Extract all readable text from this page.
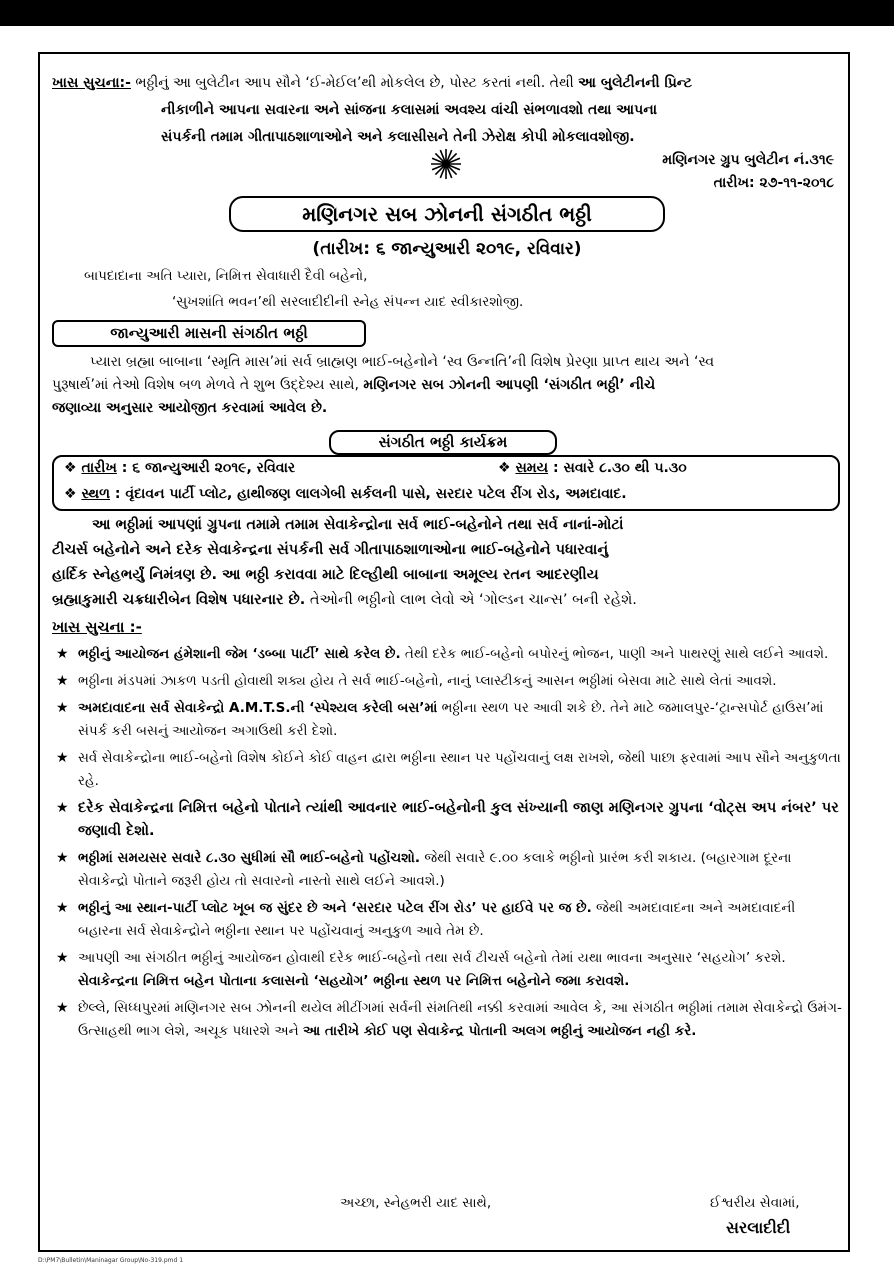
ખાસ સુચના:- ભઠ્ઠીનું આ બુલેટીન આપ સૌને ‘ઈ-મેઈલ’થી મોકલેલ છે, પોસ્ટ કરતાં નથી. તેથી આ બુલેટીનની પ્રિન્ટ
નીકાળીને આપના સવારના અને સાંજના કલાસમાં અવશ્ય વાંચી સંભળાવશો તથા આપના
સંપર્કની તમામ ગીતાપાઠશાળાઓને અને કલાસીસને તેની ઝેરોક્ષ કોપી મોકલાવશોજી.
મણિનગર ગ્રુપ બુલેટીન નં.૩૧૯
તારીખ: ૨૭-૧૧-૨૦૧૮
મણિનગર સબ ઝોનની સંગઠીત ભઠ્ઠી
(તારીખ: ૬ જાન્યુઆરી ૨૦૧૯, રવિવાર)
બાપદાદાના અતિ પ્યારા, નિમિત્ત સેવાધારી દૈવી બહેનો,
‘સુખશાંતિ ભવન’થી સરલાદીદીની સ્નેહ સંપન્ન યાદ સ્વીકારશોજી.
જાન્યુઆરી માસની સંગઠીત ભઠ્ઠી
પ્યારા બ્રહ્મા બાબાના ‘સ્મૃતિ માસ’માં સર્વ બ્રાહ્મણ ભાઈ-બહેનોને ‘સ્વ ઉન્નતિ’ની વિશેષ પ્રેરણા પ્રાપ્ત થાય અને ‘સ્વ
પુરૂષાર્થ’માં તેઓ વિશેષ બળ મેળવે તે શુભ ઉદ્દેશ્ય સાથે, મણિનગર સબ ઝોનની આપણી ‘સંગઠીત ભઠ્ઠી’ નીચે
જણાવ્યા અનુસાર આયોજીત કરવામાં આવેલ છે.
સંગઠીત ભઠ્ઠી કાર્યક્રમ
❖ તારીખ : ૬ જાન્યુઆરી ૨૦૧૯, રવિવાર	❖ સમય : સવારે ૮.૩૦ થી ૫.૩૦
❖ સ્થળ : વૃંદાવન પાર્ટી પ્લોટ, હાથીજણ લાલગેબી સર્કલની પાસે, સરદાર પટેલ રીંગ રોડ, અમદાવાદ.
આ ભઠ્ઠીમાં આપણાં ગ્રુપના તમામે તમામ સેવાકેન્દ્રોના સર્વ ભાઈ-બહેનોને તથા સર્વ નાનાં-મોટાં
ટીચર્સ બહેનોને અને દરેક સેવાકેન્દ્રના સંપર્કની સર્વ ગીતાપાઠશાળાઓના ભાઈ-બહેનોને પધારવાનું
હાર્દિક સ્નેહભર્યું નિમંત્રણ છે. આ ભઠ્ઠી કરાવવા માટે દિલ્હીથી બાબાના અમૂલ્ય રતન આદરણીય
બ્રહ્માકુમારી ચક્રધારીબેન વિશેષ પધારનાર છે. તેઓની ભઠ્ઠીનો લાભ લેવો એ ‘ગોલ્ડન ચાન્સ’ બની રહેશે.
ખાસ સુચના :-
★ ભઠ્ઠીનું આયોજન હંમેશાની જેમ ‘ડબ્બા પાર્ટી’ સાથે કરેલ છે. તેથી દરેક ભાઈ-બહેનો બપોરનું ભોજન, પાણી અને પાથરણું સાથે લઈને આવશે.
★ ભઠ્ઠીના મંડપમાં ઝાકળ પડતી હોવાથી શક્ય હોય તે સર્વ ભાઈ-બહેનો, નાનું પ્લાસ્ટીકનું આસન ભઠ્ઠીમાં બેસવા માટે સાથે લેતાં આવશે.
★ અમદાવાદના સર્વ સેવાકેન્દ્રો A.M.T.S.ની ‘સ્પેશ્યલ કરેલી બસ’માં ભઠ્ઠીના સ્થળ પર આવી શકે છે. તેને માટે જમાલપુર-‘ટ્રાન્સપોર્ટ હાઉસ’માં સંપર્ક કરી બસનું આયોજન અગાઉથી કરી દેશો.
★ સર્વ સેવાકેન્દ્રોના ભાઈ-બહેનો વિશેષ કોઈને કોઈ વાહન દ્વારા ભઠ્ઠીના સ્થાન પર પહોંચવાનું લક્ષ રાખશે, જેથી પાછા ફરવામાં આપ સૌને અનુકુળતા રહે.
★ દરેક સેવાકેન્દ્રના નિમિત્ત બહેનો પોતાને ત્યાંથી આવનાર ભાઈ-બહેનોની કુલ સંખ્યાની જાણ મણિનગર ગ્રુપના ‘વોટ્સ અપ નંબર’ પર જણાવી દેશો.
★ ભઠ્ઠીમાં સમયસર સવારે ૮.૩૦ સુધીમાં સૌ ભાઈ-બહેનો પહોંચશો. જેથી સવારે ૯.૦૦ કલાકે ભઠ્ઠીનો પ્રારંભ કરી શકાય. (બહારગામ દૂરના સેવાકેન્દ્રો પોતાને જરૂરી હોય તો સવારનો નાસ્તો સાથે લઈને આવશે.)
★ ભઠ્ઠીનું આ સ્થાન-પાર્ટી પ્લોટ ખૂબ જ સુંદર છે અને ‘સરદાર પટેલ રીંગ રોડ’ પર હાઈવે પર જ છે. જેથી અમદાવાદના અને અમદાવાદની બહારના સર્વ સેવાકેન્દ્રોને ભઠ્ઠીના સ્થાન પર પહોંચવાનું અનુકુળ આવે તેમ છે.
★ આપણી આ સંગઠીત ભઠ્ઠીનું આયોજન હોવાથી દરેક ભાઈ-બહેનો તથા સર્વ ટીચર્સ બહેનો તેમાં યથા ભાવના અનુસાર ‘સહયોગ’ કરશે. સેવાકેન્દ્રના નિમિત્ત બહેન પોતાના કલાસનો ‘સહયોગ’ ભઠ્ઠીના સ્થળ પર નિમિત્ત બહેનોને જમા કરાવશે.
★ છેલ્લે, સિધ્ધપુરમાં મણિનગર સબ ઝોનની થયેલ મીટીંગમાં સર્વની સંમતિથી નક્કી કરવામાં આવેલ કે, આ સંગઠીત ભઠ્ઠીમાં તમામ સેવાકેન્દ્રો ઉમંગ-ઉત્સાહથી ભાગ લેશે, અચૂક પધારશે અને આ તારીખે કોઈ પણ સેવાકેન્દ્ર પોતાની અલગ ભઠ્ઠીનું આયોજન નહી કરે.
અચ્છા, સ્નેહભરી યાદ સાથે,	ઈશ્વરીય સેવામાં,
સરલાદીદી
D:\PM7\Bulletin\Maninagar Group\No-319.pmd 1
